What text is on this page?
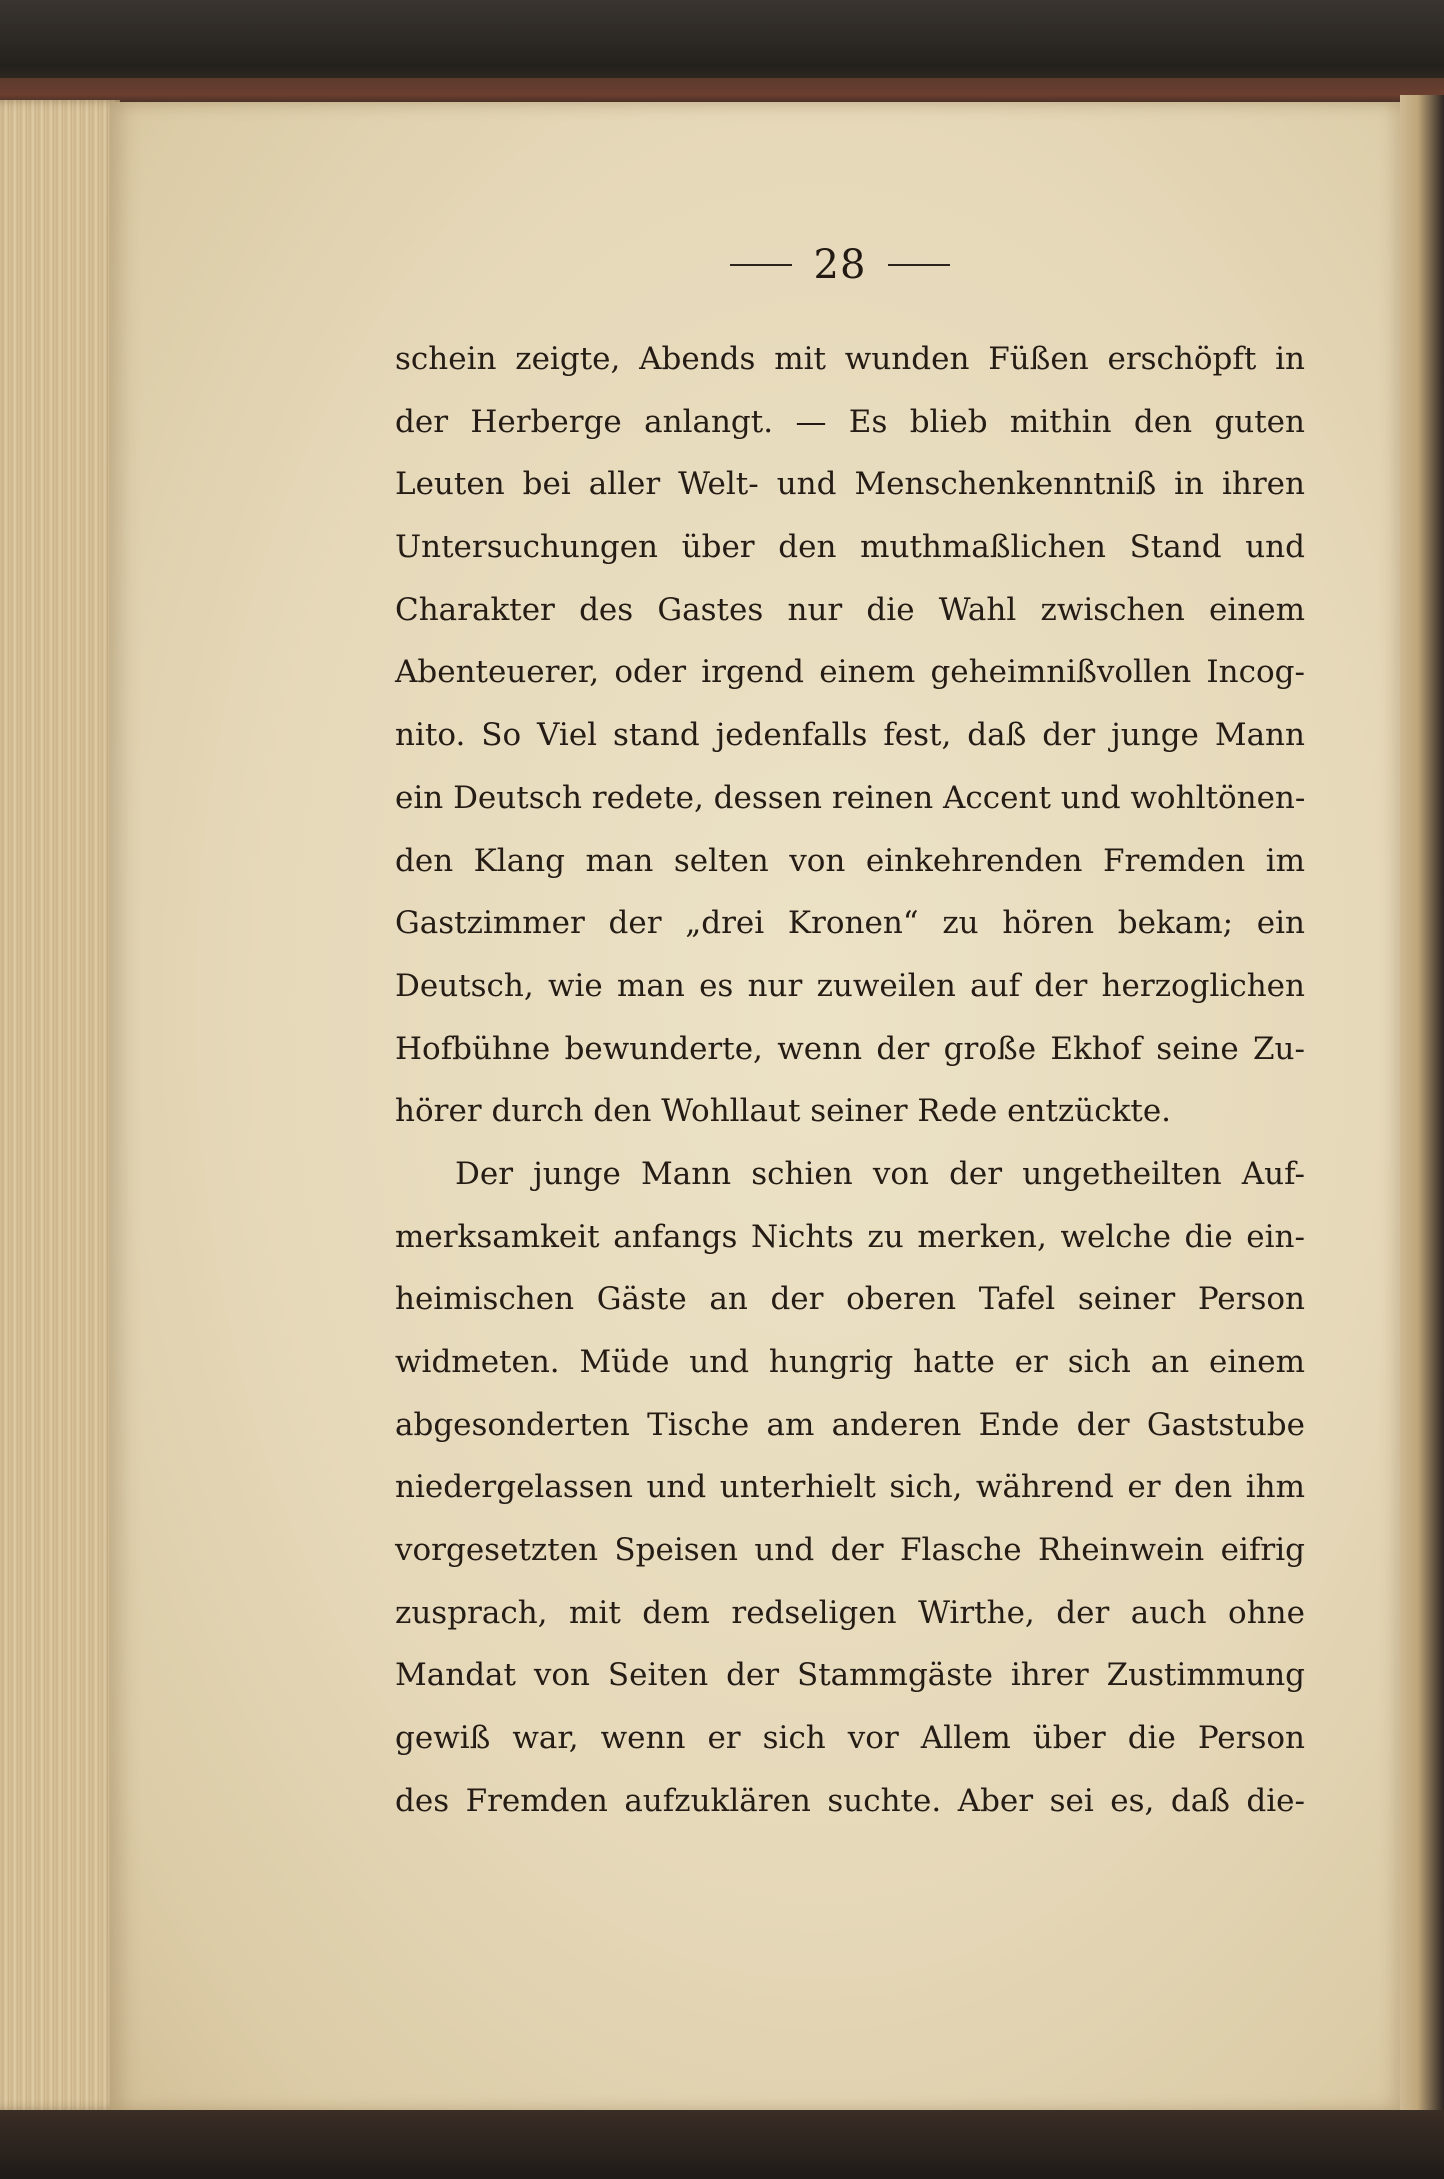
28
schein zeigte, Abends mit wunden Füßen erschöpft in
der Herberge anlangt. — Es blieb mithin den guten
Leuten bei aller Welt- und Menschenkenntniß in ihren
Untersuchungen über den muthmaßlichen Stand und
Charakter des Gastes nur die Wahl zwischen einem
Abenteuerer, oder irgend einem geheimnißvollen Incog-
nito. So Viel stand jedenfalls fest, daß der junge Mann
ein Deutsch redete, dessen reinen Accent und wohltönen-
den Klang man selten von einkehrenden Fremden im
Gastzimmer der „drei Kronen“ zu hören bekam; ein
Deutsch, wie man es nur zuweilen auf der herzoglichen
Hofbühne bewunderte, wenn der große Ekhof seine Zu-
hörer durch den Wohllaut seiner Rede entzückte.
Der junge Mann schien von der ungetheilten Auf-
merksamkeit anfangs Nichts zu merken, welche die ein-
heimischen Gäste an der oberen Tafel seiner Person
widmeten. Müde und hungrig hatte er sich an einem
abgesonderten Tische am anderen Ende der Gaststube
niedergelassen und unterhielt sich, während er den ihm
vorgesetzten Speisen und der Flasche Rheinwein eifrig
zusprach, mit dem redseligen Wirthe, der auch ohne
Mandat von Seiten der Stammgäste ihrer Zustimmung
gewiß war, wenn er sich vor Allem über die Person
des Fremden aufzuklären suchte. Aber sei es, daß die-
